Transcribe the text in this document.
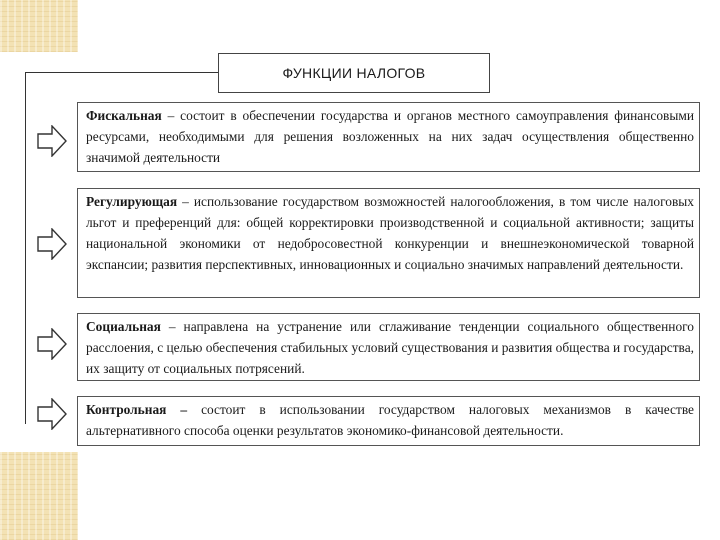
ФУНКЦИИ НАЛОГОВ
Фискальная – состоит в обеспечении государства и органов местного самоуправления финансовыми ресурсами, необходимыми для решения возложенных на них задач осуществления общественно значимой деятельности
Регулирующая – использование государством возможностей налогообложения, в том числе налоговых льгот и преференций для: общей корректировки производственной и социальной активности; защиты национальной экономики от недобросовестной конкуренции и внешнеэкономической товарной экспансии; развития перспективных, инновационных и социально значимых направлений деятельности.
Социальная – направлена на устранение или сглаживание тенденции социального общественного расслоения, с целью обеспечения стабильных условий существования и развития общества и государства, их защиту от социальных потрясений.
Контрольная – состоит в использовании государством налоговых механизмов в качестве альтернативного способа оценки результатов экономико-финансовой деятельности.
